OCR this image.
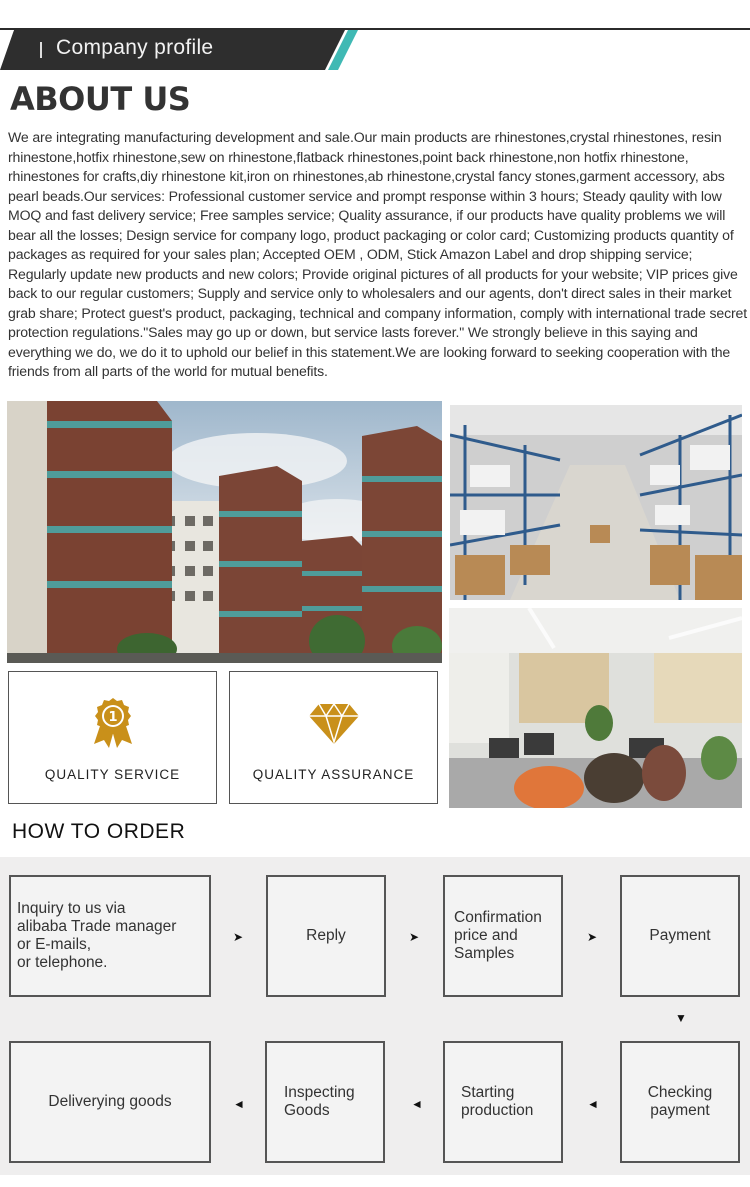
Company profile
ABOUT US
We are integrating manufacturing development and sale.Our main products are rhinestones,crystal rhinestones, resin rhinestone,hotfix rhinestone,sew on rhinestone,flatback rhinestones,point back rhinestone,non hotfix rhinestone, rhinestones for crafts,diy rhinestone kit,iron on rhinestones,ab rhinestone,crystal fancy stones,garment accessory, abs pearl beads.Our services: Professional customer service and prompt response within 3 hours; Steady qaulity with low MOQ and fast delivery service; Free samples service; Quality assurance, if our products have quality problems we will bear all the losses; Design service for company logo, product packaging or color card; Customizing products quantity of packages as required for your sales plan; Accepted OEM , ODM, Stick Amazon Label and drop shipping service; Regularly update new products and new colors; Provide original pictures of all products for your website; VIP prices give back to our regular customers; Supply and service only to wholesalers and our agents, don't direct sales in their market grab share; Protect guest's product, packaging, technical and company information, comply with international trade secret protection regulations."Sales may go up or down, but service lasts forever." We strongly believe in this saying and everything we do, we do it to uphold our belief in this statement.We are looking forward to seeking cooperation with the friends from all parts of the world for mutual benefits.
1
QUALITY SERVICE	QUALITY ASSURANCE
HOW TO ORDER
Inquiry to us via
alibaba Trade manager
or E-mails,
or telephone.
Reply
Confirmation
price and
Samples
Payment
Checking
payment
Starting
production
Inspecting
Goods
Deliverying goods
➤	➤	➤
▼
◄
◄
◄
